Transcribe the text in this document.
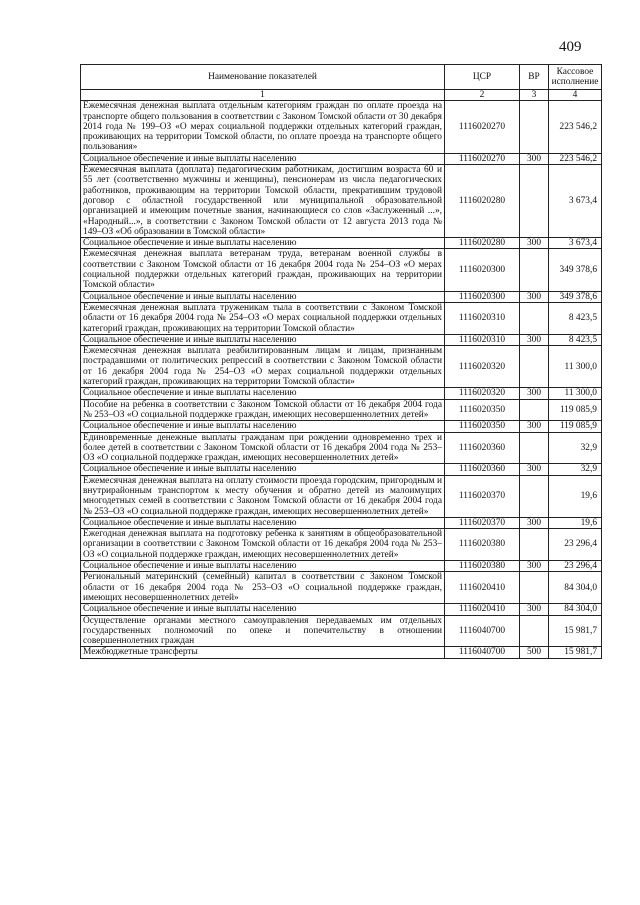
409
Наименование показателей	ЦСР	ВР	Кассовое исполнение
1	2	3	4
Ежемесячная денежная выплата отдельным категориям граждан по оплате проезда на транспорте общего пользования в соответствии с Законом Томской области от 30 декабря 2014 года № 199–ОЗ «О мерах социальной поддержки отдельных категорий граждан, проживающих на территории Томской области, по оплате проезда на транспорте общего пользования»	1116020270		223 546,2
Социальное обеспечение и иные выплаты населению	1116020270	300	223 546,2
Ежемесячная выплата (доплата) педагогическим работникам, достигшим возраста 60 и 55 лет (соответственно мужчины и женщины), пенсионерам из числа педагогических работников, проживающим на территории Томской области, прекратившим трудовой договор с областной государственной или муниципальной образовательной организацией и имеющим почетные звания, начинающиеся со слов «Заслуженный ...», «Народный...», в соответствии с Законом Томской области от 12 августа 2013 года № 149–ОЗ «Об образовании в Томской области»	1116020280		3 673,4
Социальное обеспечение и иные выплаты населению	1116020280	300	3 673,4
Ежемесячная денежная выплата ветеранам труда, ветеранам военной службы в соответствии с Законом Томской области от 16 декабря 2004 года № 254–ОЗ «О мерах социальной поддержки отдельных категорий граждан, проживающих на территории Томской области»	1116020300		349 378,6
Социальное обеспечение и иные выплаты населению	1116020300	300	349 378,6
Ежемесячная денежная выплата труженикам тыла в соответствии с Законом Томской области от 16 декабря 2004 года № 254–ОЗ «О мерах социальной поддержки отдельных категорий граждан, проживающих на территории Томской области»	1116020310		8 423,5
Социальное обеспечение и иные выплаты населению	1116020310	300	8 423,5
Ежемесячная денежная выплата реабилитированным лицам и лицам, признанным пострадавшими от политических репрессий в соответствии с Законом Томской области от 16 декабря 2004 года № 254–ОЗ «О мерах социальной поддержки отдельных категорий граждан, проживающих на территории Томской области»	1116020320		11 300,0
Социальное обеспечение и иные выплаты населению	1116020320	300	11 300,0
Пособие на ребенка в соответствии с Законом Томской области от 16 декабря 2004 года № 253–ОЗ «О социальной поддержке граждан, имеющих несовершеннолетних детей»	1116020350		119 085,9
Социальное обеспечение и иные выплаты населению	1116020350	300	119 085,9
Единовременные денежные выплаты гражданам при рождении одновременно трех и более детей в соответствии с Законом Томской области от 16 декабря 2004 года № 253–ОЗ «О социальной поддержке граждан, имеющих несовершеннолетних детей»	1116020360		32,9
Социальное обеспечение и иные выплаты населению	1116020360	300	32,9
Ежемесячная денежная выплата на оплату стоимости проезда городским, пригородным и внутрирайонным транспортом к месту обучения и обратно детей из малоимущих многодетных семей в соответствии с Законом Томской области от 16 декабря 2004 года № 253–ОЗ «О социальной поддержке граждан, имеющих несовершеннолетних детей»	1116020370		19,6
Социальное обеспечение и иные выплаты населению	1116020370	300	19,6
Ежегодная денежная выплата на подготовку ребенка к занятиям в общеобразовательной организации в соответствии с Законом Томской области от 16 декабря 2004 года № 253–ОЗ «О социальной поддержке граждан, имеющих несовершеннолетних детей»	1116020380		23 296,4
Социальное обеспечение и иные выплаты населению	1116020380	300	23 296,4
Региональный материнский (семейный) капитал в соответствии с Законом Томской области от 16 декабря 2004 года № 253–ОЗ «О социальной поддержке граждан, имеющих несовершеннолетних детей»	1116020410		84 304,0
Социальное обеспечение и иные выплаты населению	1116020410	300	84 304,0
Осуществление органами местного самоуправления передаваемых им отдельных государственных полномочий по опеке и попечительству в отношении совершеннолетних граждан	1116040700		15 981,7
Межбюджетные трансферты	1116040700	500	15 981,7
